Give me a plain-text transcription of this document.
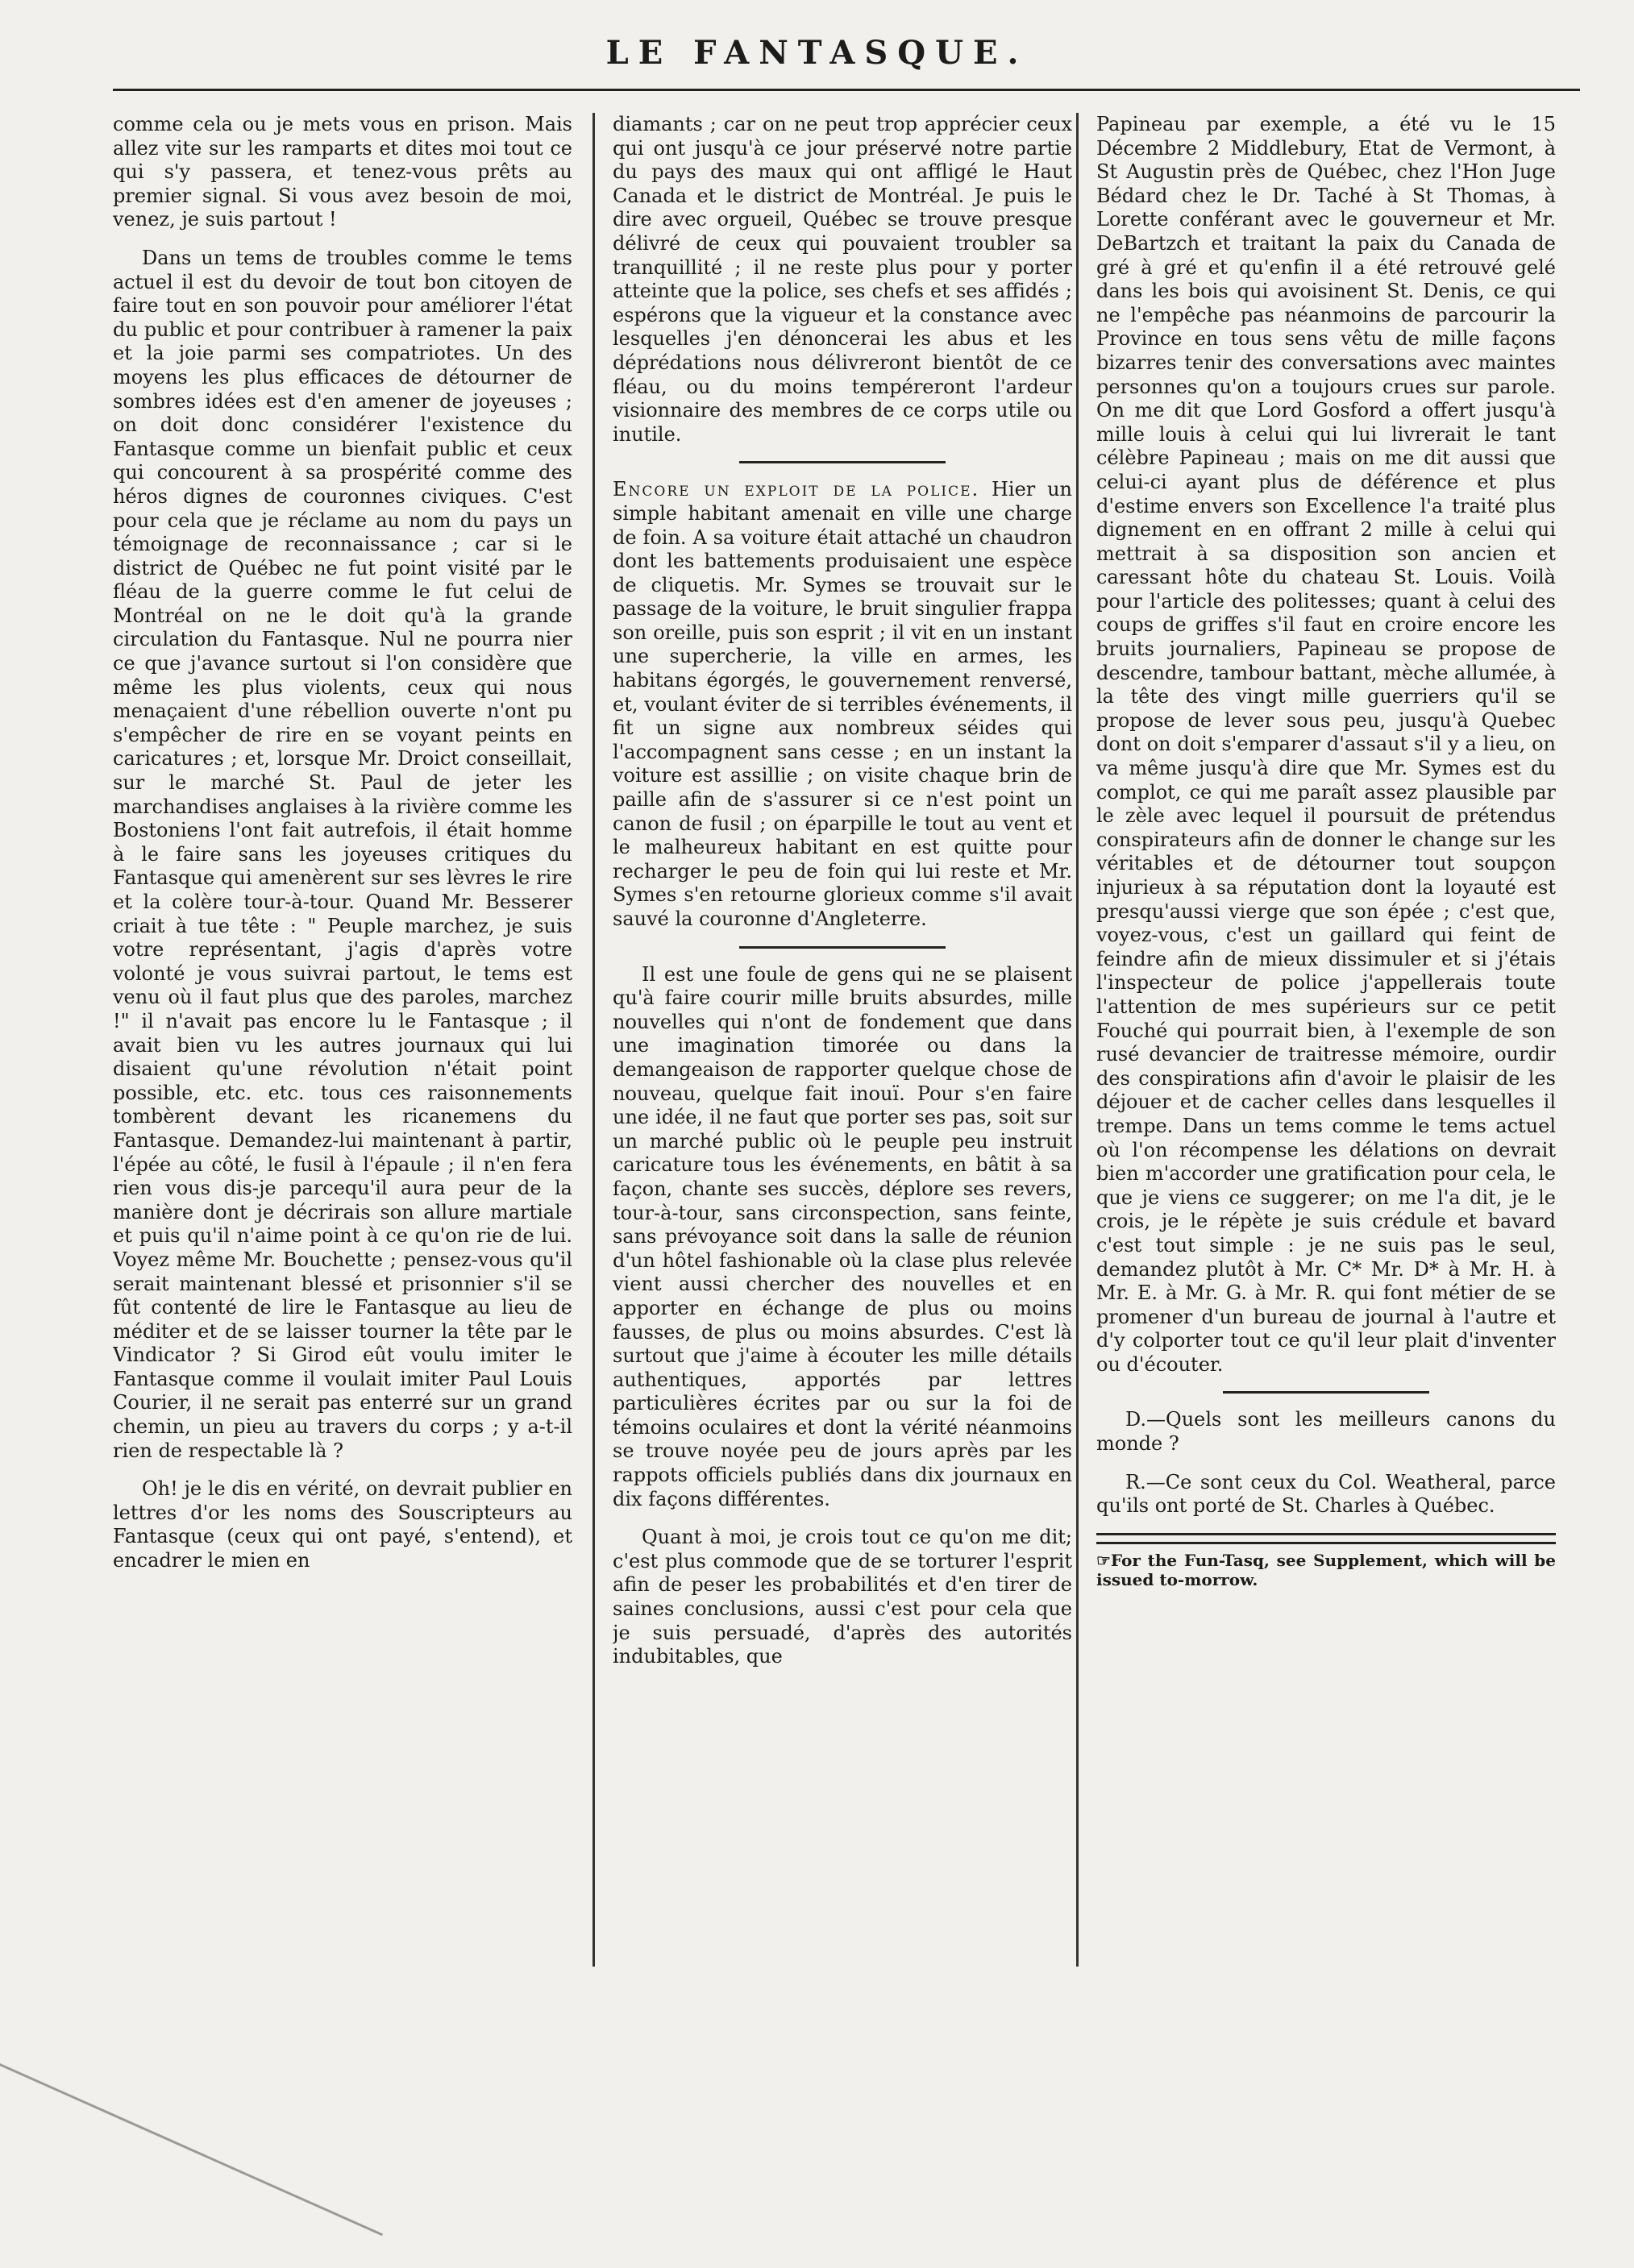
LE FANTASQUE.

comme cela ou je mets vous en prison. Mais allez vite sur les ramparts et dites moi tout ce qui s'y passera, et tenez-vous prêts au premier signal. Si vous avez besoin de moi, venez, je suis partout !

Dans un tems de troubles comme le tems actuel il est du devoir de tout bon citoyen de faire tout en son pouvoir pour améliorer l'état du public et pour contribuer à ramener la paix et la joie parmi ses compatriotes. Un des moyens les plus efficaces de détourner de sombres idées est d'en amener de joyeuses ; on doit donc considérer l'existence du Fantasque comme un bienfait public et ceux qui concourent à sa prospérité comme des héros dignes de couronnes civiques. C'est pour cela que je réclame au nom du pays un témoignage de reconnaissance ; car si le district de Québec ne fut point visité par le fléau de la guerre comme le fut celui de Montréal on ne le doit qu'à la grande circulation du Fantasque. Nul ne pourra nier ce que j'avance surtout si l'on considère que même les plus violents, ceux qui nous menaçaient d'une rébellion ouverte n'ont pu s'empêcher de rire en se voyant peints en caricatures ; et, lorsque Mr. Droict conseillait, sur le marché St. Paul de jeter les marchandises anglaises à la rivière comme les Bostoniens l'ont fait autrefois, il était homme à le faire sans les joyeuses critiques du Fantasque qui amenèrent sur ses lèvres le rire et la colère tour-à-tour. Quand Mr. Besserer criait à tue tête : " Peuple marchez, je suis votre représentant, j'agis d'après votre volonté je vous suivrai partout, le tems est venu où il faut plus que des paroles, marchez !" il n'avait pas encore lu le Fantasque ; il avait bien vu les autres journaux qui lui disaient qu'une révolution n'était point possible, etc. etc. tous ces raisonnements tombèrent devant les ricanemens du Fantasque. Demandez-lui maintenant à partir, l'épée au côté, le fusil à l'épaule ; il n'en fera rien vous dis-je parcequ'il aura peur de la manière dont je décrirais son allure martiale et puis qu'il n'aime point à ce qu'on rie de lui. Voyez même Mr. Bouchette ; pensez-vous qu'il serait maintenant blessé et prisonnier s'il se fût contenté de lire le Fantasque au lieu de méditer et de se laisser tourner la tête par le Vindicator ? Si Girod eût voulu imiter le Fantasque comme il voulait imiter Paul Louis Courier, il ne serait pas enterré sur un grand chemin, un pieu au travers du corps ; y a-t-il rien de respectable là ?

Oh! je le dis en vérité, on devrait publier en lettres d'or les noms des Souscripteurs au Fantasque (ceux qui ont payé, s'entend), et encadrer le mien en

diamants ; car on ne peut trop apprécier ceux qui ont jusqu'à ce jour préservé notre partie du pays des maux qui ont affligé le Haut Canada et le district de Montréal. Je puis le dire avec orgueil, Québec se trouve presque délivré de ceux qui pouvaient troubler sa tranquillité ; il ne reste plus pour y porter atteinte que la police, ses chefs et ses affidés ; espérons que la vigueur et la constance avec lesquelles j'en dénoncerai les abus et les déprédations nous délivreront bientôt de ce fléau, ou du moins tempéreront l'ardeur visionnaire des membres de ce corps utile ou inutile.

Encore un exploit de la police. Hier un simple habitant amenait en ville une charge de foin. A sa voiture était attaché un chaudron dont les battements produisaient une espèce de cliquetis. Mr. Symes se trouvait sur le passage de la voiture, le bruit singulier frappa son oreille, puis son esprit ; il vit en un instant une supercherie, la ville en armes, les habitans égorgés, le gouvernement renversé, et, voulant éviter de si terribles événements, il fit un signe aux nombreux séides qui l'accompagnent sans cesse ; en un instant la voiture est assillie ; on visite chaque brin de paille afin de s'assurer si ce n'est point un canon de fusil ; on éparpille le tout au vent et le malheureux habitant en est quitte pour recharger le peu de foin qui lui reste et Mr. Symes s'en retourne glorieux comme s'il avait sauvé la couronne d'Angleterre.

Il est une foule de gens qui ne se plaisent qu'à faire courir mille bruits absurdes, mille nouvelles qui n'ont de fondement que dans une imagination timorée ou dans la demangeaison de rapporter quelque chose de nouveau, quelque fait inouï. Pour s'en faire une idée, il ne faut que porter ses pas, soit sur un marché public où le peuple peu instruit caricature tous les événements, en bâtit à sa façon, chante ses succès, déplore ses revers, tour-à-tour, sans circonspection, sans feinte, sans prévoyance soit dans la salle de réunion d'un hôtel fashionable où la clase plus relevée vient aussi chercher des nouvelles et en apporter en échange de plus ou moins fausses, de plus ou moins absurdes. C'est là surtout que j'aime à écouter les mille détails authentiques, apportés par lettres particulières écrites par ou sur la foi de témoins oculaires et dont la vérité néanmoins se trouve noyée peu de jours après par les rappots officiels publiés dans dix journaux en dix façons différentes.

Quant à moi, je crois tout ce qu'on me dit; c'est plus commode que de se torturer l'esprit afin de peser les probabilités et d'en tirer de saines conclusions, aussi c'est pour cela que je suis persuadé, d'après des autorités indubitables, que

Papineau par exemple, a été vu le 15 Décembre 2 Middlebury, Etat de Vermont, à St Augustin près de Québec, chez l'Hon Juge Bédard chez le Dr. Taché à St Thomas, à Lorette conférant avec le gouverneur et Mr. DeBartzch et traitant la paix du Canada de gré à gré et qu'enfin il a été retrouvé gelé dans les bois qui avoisinent St. Denis, ce qui ne l'empêche pas néanmoins de parcourir la Province en tous sens vêtu de mille façons bizarres tenir des conversations avec maintes personnes qu'on a toujours crues sur parole. On me dit que Lord Gosford a offert jusqu'à mille louis à celui qui lui livrerait le tant célèbre Papineau ; mais on me dit aussi que celui-ci ayant plus de déférence et plus d'estime envers son Excellence l'a traité plus dignement en en offrant 2 mille à celui qui mettrait à sa disposition son ancien et caressant hôte du chateau St. Louis. Voilà pour l'article des politesses; quant à celui des coups de griffes s'il faut en croire encore les bruits journaliers, Papineau se propose de descendre, tambour battant, mèche allumée, à la tête des vingt mille guerriers qu'il se propose de lever sous peu, jusqu'à Quebec dont on doit s'emparer d'assaut s'il y a lieu, on va même jusqu'à dire que Mr. Symes est du complot, ce qui me paraît assez plausible par le zèle avec lequel il poursuit de prétendus conspirateurs afin de donner le change sur les véritables et de détourner tout soupçon injurieux à sa réputation dont la loyauté est presqu'aussi vierge que son épée ; c'est que, voyez-vous, c'est un gaillard qui feint de feindre afin de mieux dissimuler et si j'étais l'inspecteur de police j'appellerais toute l'attention de mes supérieurs sur ce petit Fouché qui pourrait bien, à l'exemple de son rusé devancier de traitresse mémoire, ourdir des conspirations afin d'avoir le plaisir de les déjouer et de cacher celles dans lesquelles il trempe. Dans un tems comme le tems actuel où l'on récompense les délations on devrait bien m'accorder une gratification pour cela, le que je viens ce suggerer; on me l'a dit, je le crois, je le répète je suis crédule et bavard c'est tout simple : je ne suis pas le seul, demandez plutôt à Mr. C* Mr. D* à Mr. H. à Mr. E. à Mr. G. à Mr. R. qui font métier de se promener d'un bureau de journal à l'autre et d'y colporter tout ce qu'il leur plait d'inventer ou d'écouter.

D.—Quels sont les meilleurs canons du monde ?

R.—Ce sont ceux du Col. Weatheral, parce qu'ils ont porté de St. Charles à Québec.

☞For the Fun-Tasq, see Supplement, which will be issued to-morrow.
